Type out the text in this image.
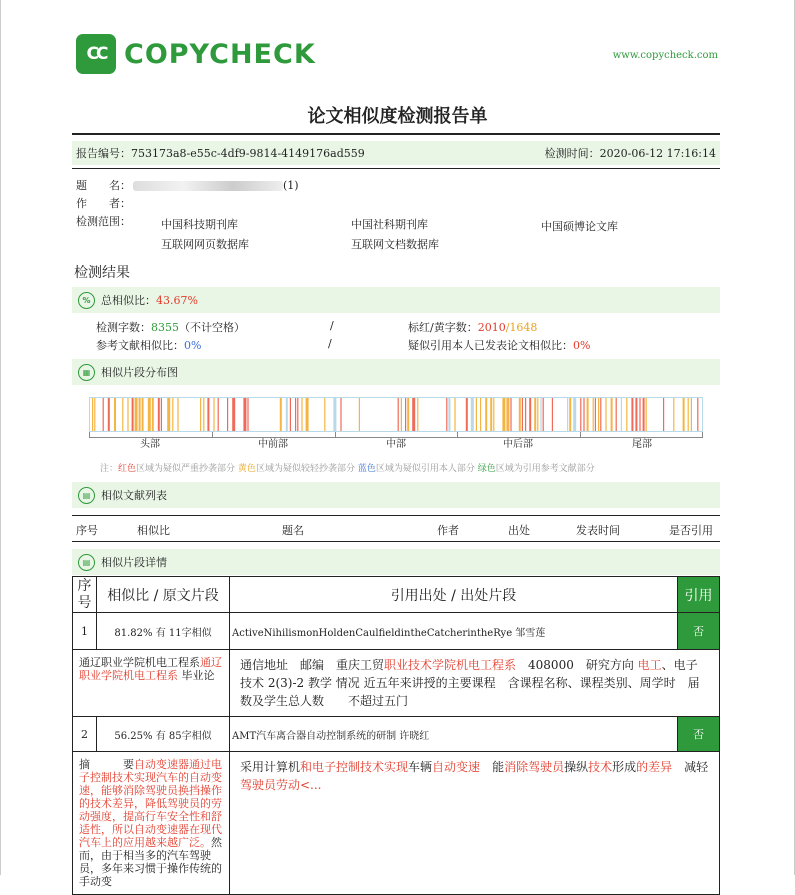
CC COPYCHECK	www.copycheck.com
论文相似度检测报告单
报告编号：753173a8-e55c-4df9-9814-4149176ad559	检测时间：2020-06-12 17:16:14
题　　名：	(1)
作　　者：
检测范围：	中国科技期刊库	中国社科期刊库	中国硕博论文库
互联网网页数据库	互联网文档数据库
检测结果
% 总相似比： 43.67%
检测字数：8355（不计空格）	/	标红/黄字数：2010/1648
参考文献相似比：0%	/	疑似引用本人已发表论文相似比：0%
▦ 相似片段分布图
头部	中前部	中部	中后部	尾部
注：红色区域为疑似严重抄袭部分 黄色区域为疑似较轻抄袭部分 蓝色区域为疑似引用本人部分 绿色区域为引用参考文献部分
▤ 相似文献列表
序号	相似比	题名	作者	出处	发表时间	是否引用
▤ 相似片段详情
序号	相似比 / 原文片段	引用出处 / 出处片段	引用
1	81.82% 有 11字相似	ActiveNihilismonHoldenCaulfieldintheCatcherintheRye 邹雪莲	否
通辽职业学院机电工程系通辽职业学院机电工程系 毕业论		通信地址　邮编　重庆工贸职业技术学院机电工程系　408000　研究方向 电工、电子技术 2(3)-2 教学 情况 近五年来讲授的主要课程　含课程名称、课程类别、周学时　届数及学生总人数　　不超过五门	
2	56.25% 有 85字相似	AMT汽车离合器自动控制系统的研制 许晓红	否
摘　　　要自动变速器通过电子控制技术实现汽车的自动变速，能够消除驾驶员换挡操作的技术差异，降低驾驶员的劳动强度，提高行车安全性和舒适性，所以自动变速器在现代汽车上的应用越来越广泛。然而，由于相当多的汽车驾驶员，多年来习惯于操作传统的手动变		采用计算机和电子控制技术实现车辆自动变速　能消除驾驶员操纵技术形成的差异　减轻驾驶员劳动<...	
